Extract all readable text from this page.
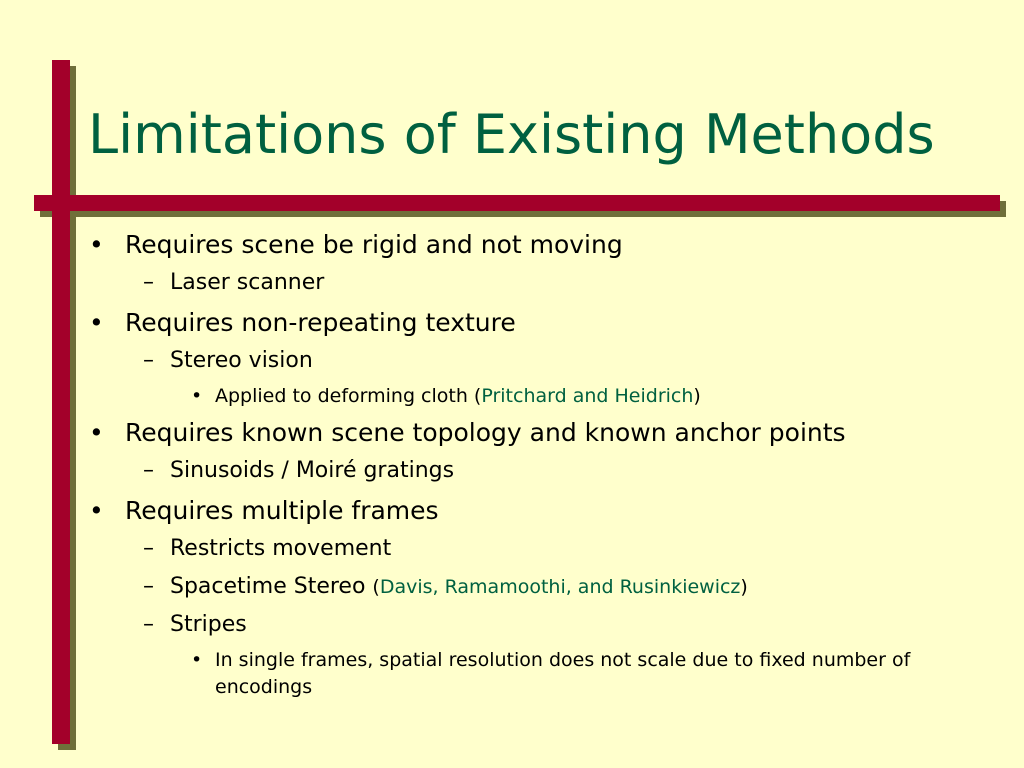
Limitations of Existing Methods
• Requires scene be rigid and not moving
– Laser scanner
• Requires non-repeating texture
– Stereo vision
• Applied to deforming cloth (Pritchard and Heidrich)
• Requires known scene topology and known anchor points
– Sinusoids / Moiré gratings
• Requires multiple frames
– Restricts movement
– Spacetime Stereo (Davis, Ramamoothi, and Rusinkiewicz)
– Stripes
• In single frames, spatial resolution does not scale due to fixed number of encodings
